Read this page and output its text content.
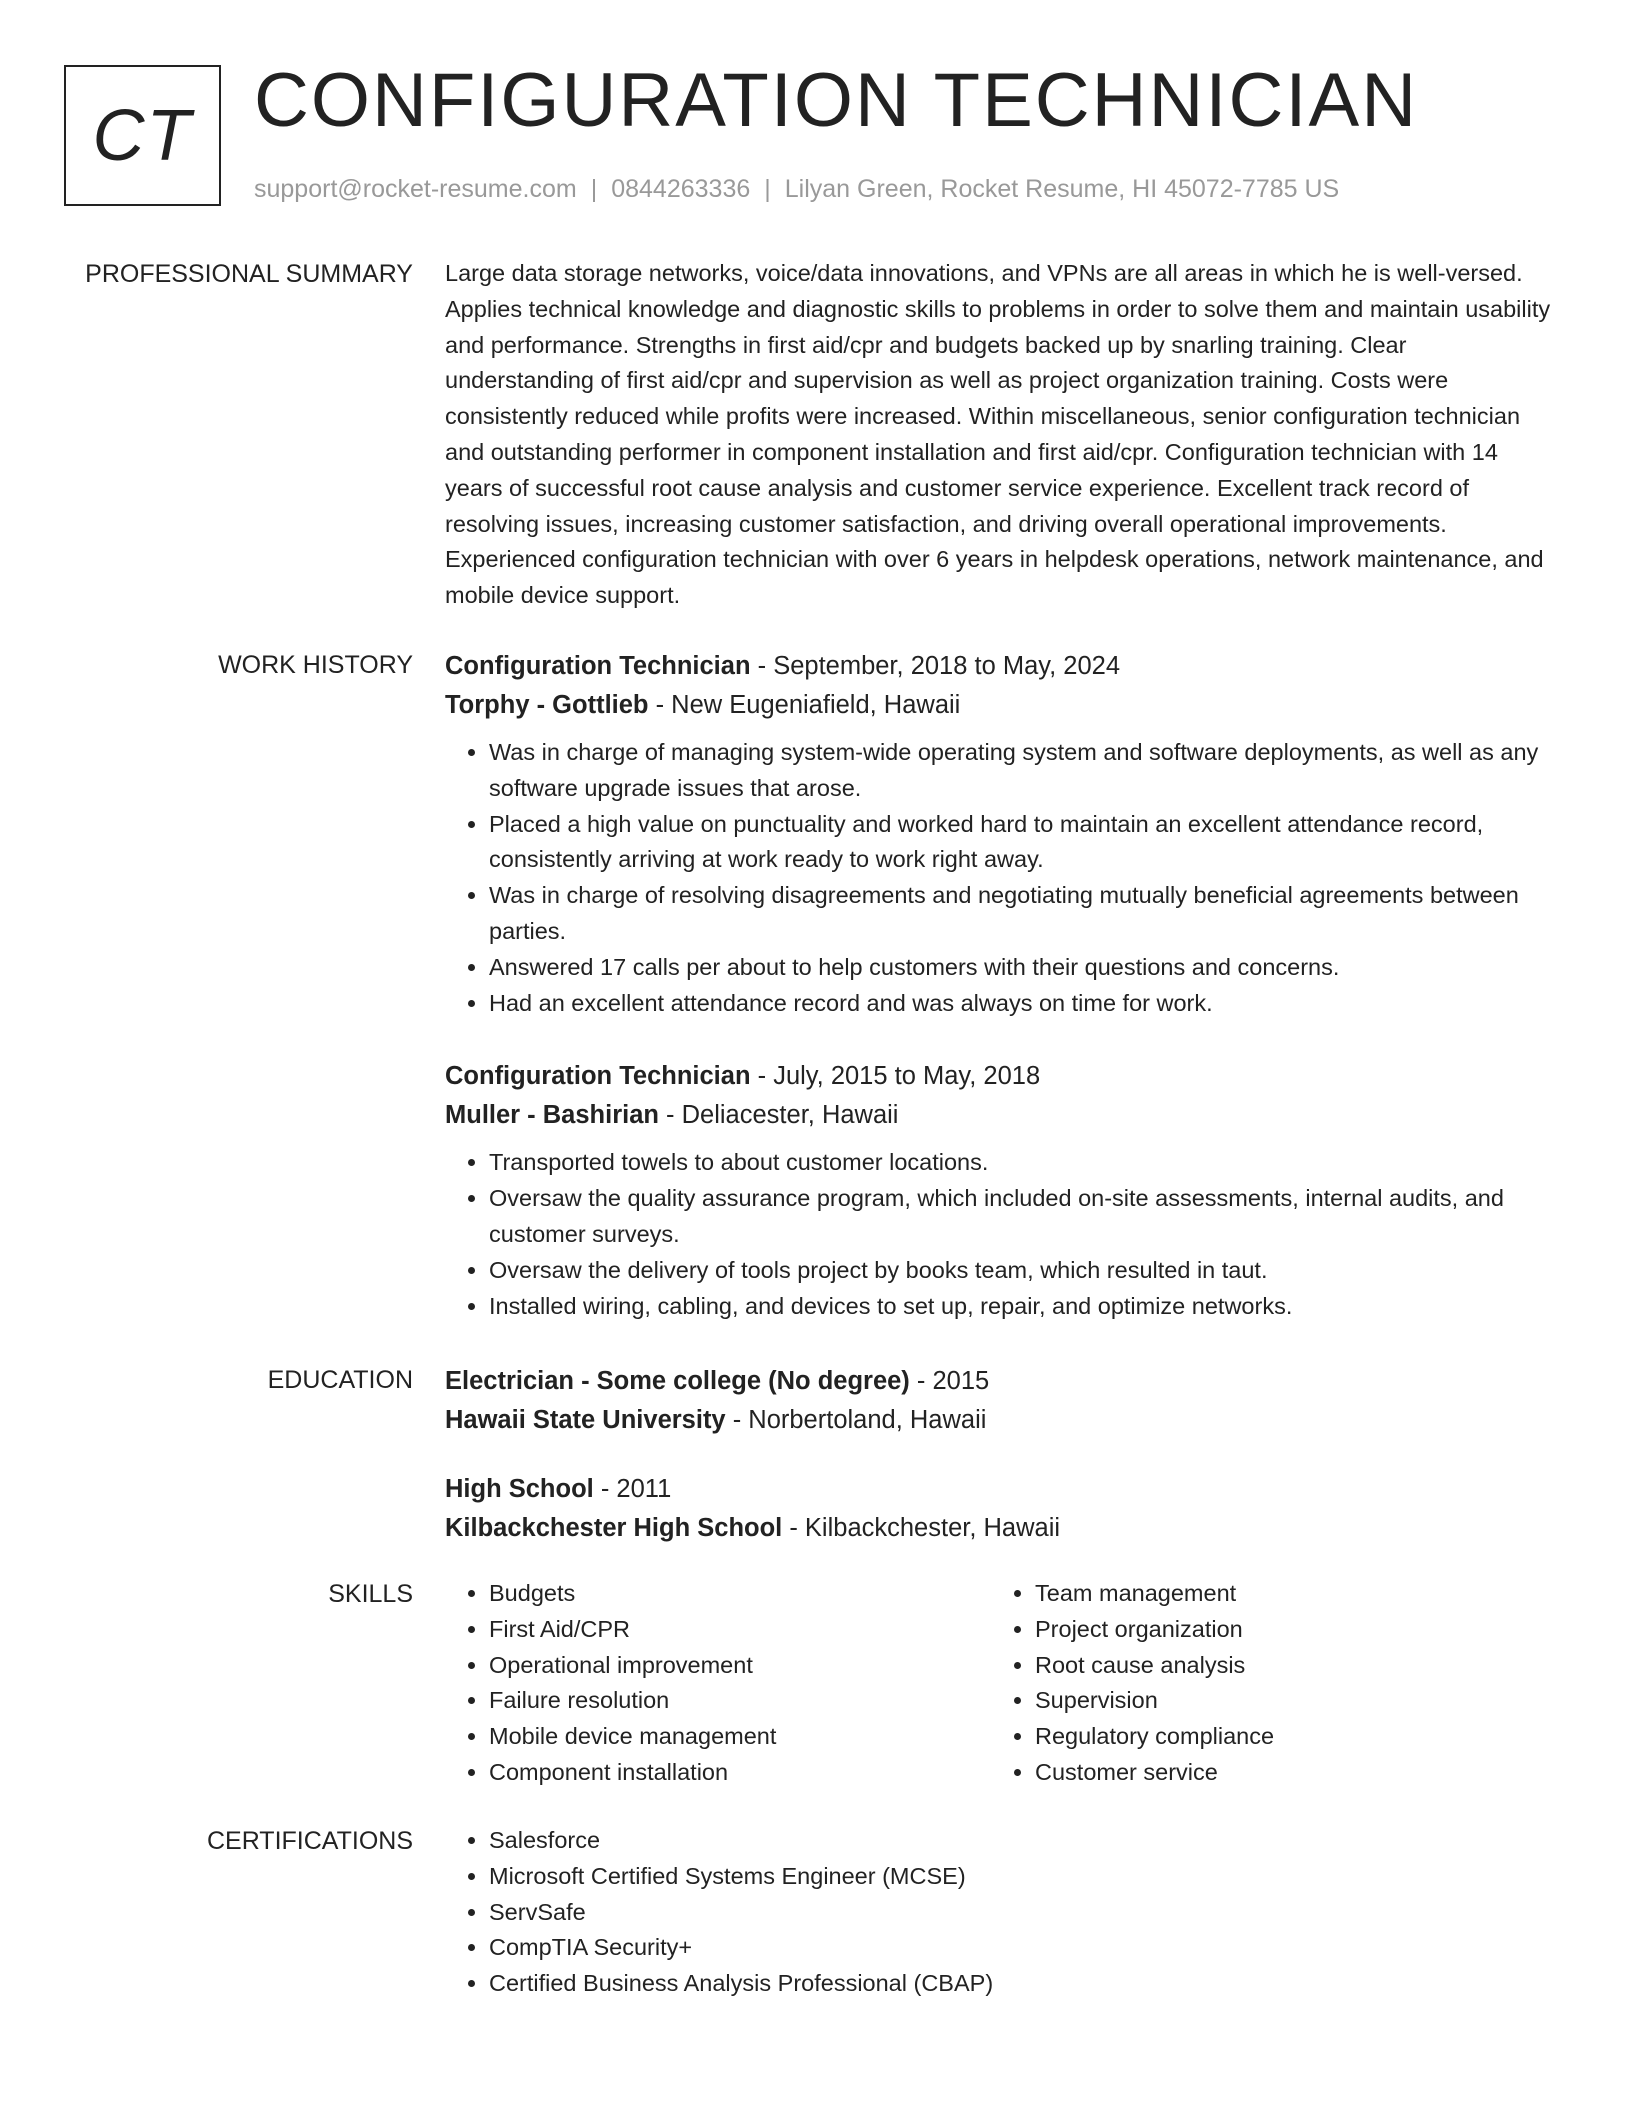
CT CONFIGURATION TECHNICIAN
support@rocket-resume.com | 0844263336 | Lilyan Green, Rocket Resume, HI 45072-7785 US
PROFESSIONAL SUMMARY Large data storage networks, voice/data innovations, and VPNs are all areas in which he is well-versed. Applies technical knowledge and diagnostic skills to problems in order to solve them and maintain usability and performance. Strengths in first aid/cpr and budgets backed up by snarling training. Clear understanding of first aid/cpr and supervision as well as project organization training. Costs were consistently reduced while profits were increased. Within miscellaneous, senior configuration technician and outstanding performer in component installation and first aid/cpr. Configuration technician with 14 years of successful root cause analysis and customer service experience. Excellent track record of resolving issues, increasing customer satisfaction, and driving overall operational improvements. Experienced configuration technician with over 6 years in helpdesk operations, network maintenance, and mobile device support.

WORK HISTORY Configuration Technician - September, 2018 to May, 2024

Torphy - Gottlieb - New Eugeniafield, Hawaii

• Was in charge of managing system-wide operating system and software deployments, as well as any software upgrade issues that arose.
• Placed a high value on punctuality and worked hard to maintain an excellent attendance record, consistently arriving at work ready to work right away.
• Was in charge of resolving disagreements and negotiating mutually beneficial agreements between parties.
• Answered 17 calls per about to help customers with their questions and concerns.
• Had an excellent attendance record and was always on time for work.

Configuration Technician - July, 2015 to May, 2018

Muller - Bashirian - Deliacester, Hawaii

• Transported towels to about customer locations.
• Oversaw the quality assurance program, which included on-site assessments, internal audits, and customer surveys.
• Oversaw the delivery of tools project by books team, which resulted in taut.
• Installed wiring, cabling, and devices to set up, repair, and optimize networks.
EDUCATION Electrician - Some college (No degree) - 2015

Hawaii State University - Norbertoland, Hawaii

High School - 2011

Kilbackchester High School - Kilbackchester, Hawaii

SKILLS	• Budgets
• First Aid/CPR
• Operational improvement
• Failure resolution
• Mobile device management
• Component installation
• Team management
• Project organization
• Root cause analysis
• Supervision
• Regulatory compliance
• Customer service
CERTIFICATIONS	• Salesforce
• Microsoft Certified Systems Engineer (MCSE)
• ServSafe
• CompTIA Security+
• Certified Business Analysis Professional (CBAP)
